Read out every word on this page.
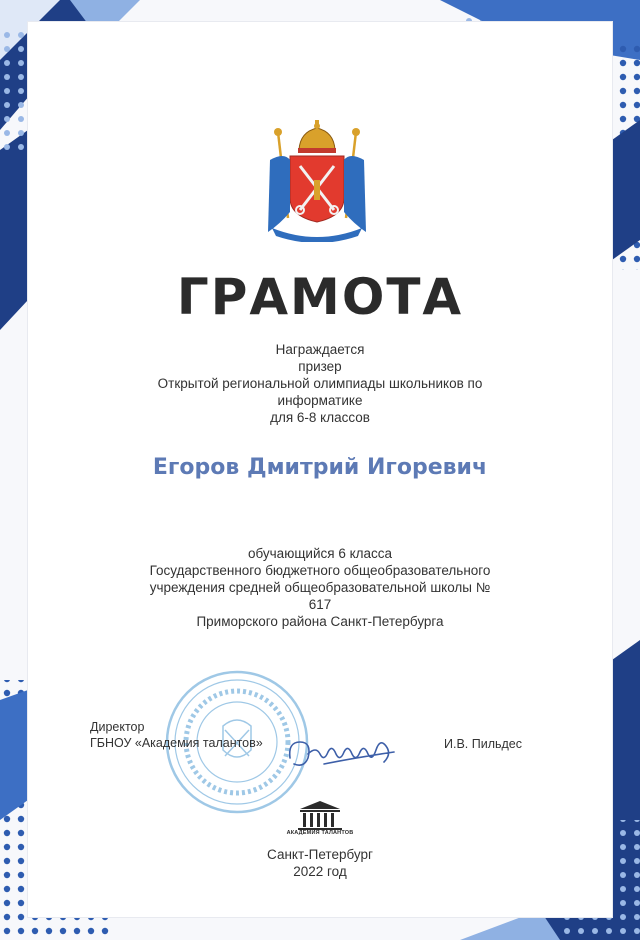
ГРАМОТА
Награждается
призер
Открытой региональной олимпиады школьников по
информатике
для 6-8 классов
Егоров Дмитрий Игоревич
обучающийся 6 класса
Государственного бюджетного общеобразовательного
учреждения средней общеобразовательной школы №
617
Приморского района Санкт-Петербурга
Директор
ГБНОУ «Академия талантов»	И.В. Пильдес
АКАДЕМИЯ ТАЛАНТОВ
Санкт-Петербург
2022 год
